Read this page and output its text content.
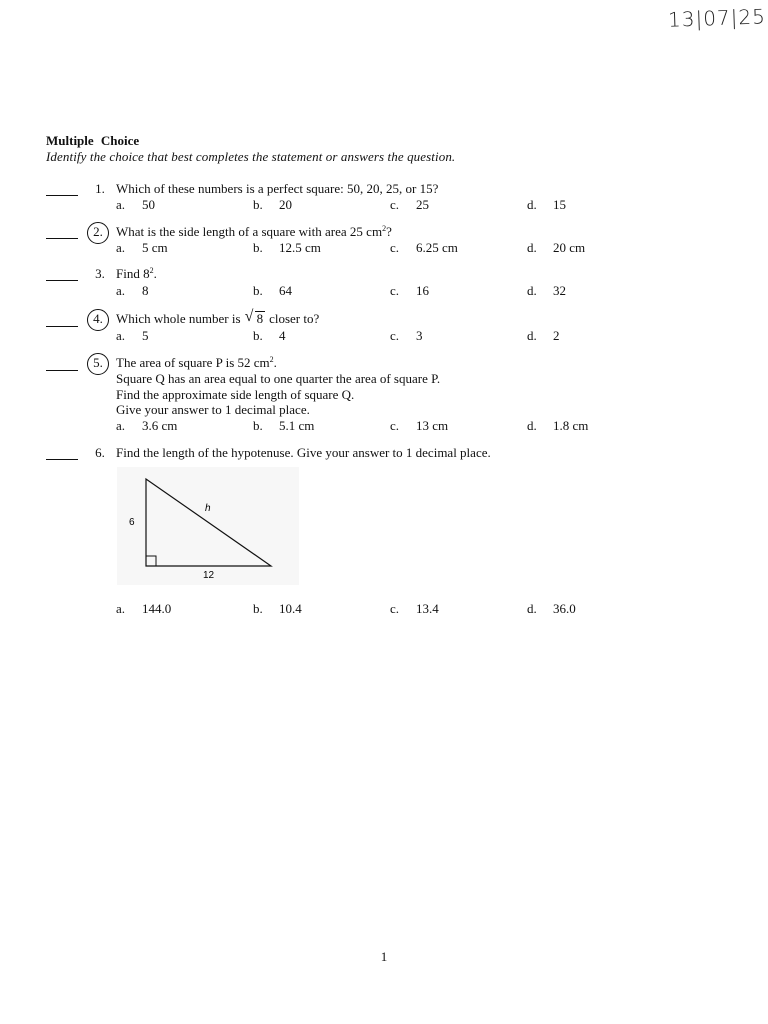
13|07|25
Multiple Choice
Identify the choice that best completes the statement or answers the question.
1. Which of these numbers is a perfect square: 50, 20, 25, or 15?
a. 50	b. 20	c. 25	d. 15
2.	What is the side length of a square with area 25 $cm^2$?
a. 5 cm	b. 12.5 cm	c. 6.25 cm	d. 20 cm
3. Find $8^2$.
a. 8	b. 64	c. 16	d. 32
4.	Which whole number is √ 8 closer to?
a. 5	b. 4	c. 3	d. 2
5.	The area of square P is 52 $cm^2$.
Square Q has an area equal to one quarter the area of square P.
Find the approximate side length of square Q.
Give your answer to 1 decimal place.
a. 3.6 cm	b. 5.1 cm	c. 13 cm	d. 1.8 cm
6. Find the length of the hypotenuse. Give your answer to 1 decimal place.
6
12
h
a. 144.0	b. 10.4	c. 13.4	d. 36.0
1
